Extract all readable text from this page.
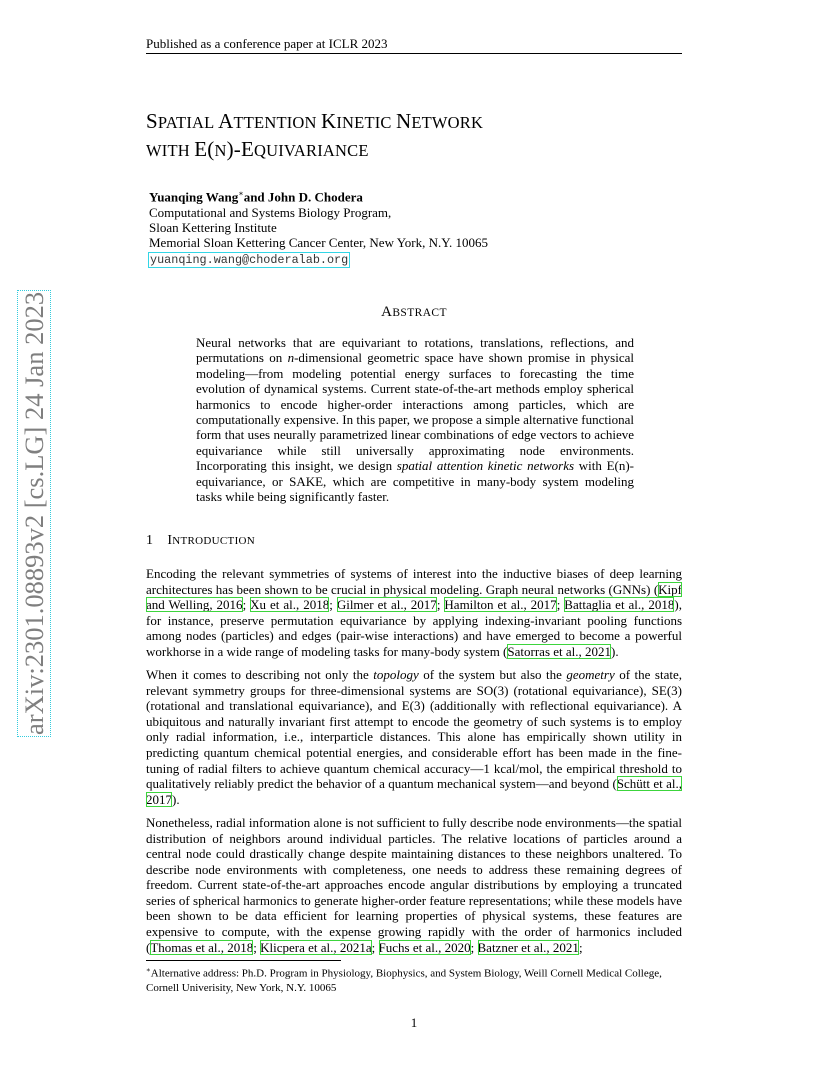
Published as a conference paper at ICLR 2023
arXiv:2301.08893v2 [cs.LG] 24 Jan 2023
SPATIAL ATTENTION KINETIC NETWORK
WITH E(N)-EQUIVARIANCE
Yuanqing Wang∗and John D. Chodera
Computational and Systems Biology Program,
Sloan Kettering Institute
Memorial Sloan Kettering Cancer Center, New York, N.Y. 10065
yuanqing.wang@choderalab.org
ABSTRACT
Neural networks that are equivariant to rotations, translations, reflections, and permutations on n-dimensional geometric space have shown promise in physical modeling—from modeling potential energy surfaces to forecasting the time evolution of dynamical systems. Current state-of-the-art methods employ spherical harmonics to encode higher-order interactions among particles, which are computationally expensive. In this paper, we propose a simple alternative functional form that uses neurally parametrized linear combinations of edge vectors to achieve equivariance while still universally approximating node environments. Incorporating this insight, we design spatial attention kinetic networks with E(n)-equivariance, or SAKE, which are competitive in many-body system modeling tasks while being significantly faster.
1 INTRODUCTION

Encoding the relevant symmetries of systems of interest into the inductive biases of deep learning architectures has been shown to be crucial in physical modeling. Graph neural networks (GNNs) (Kipf and Welling, 2016; Xu et al., 2018; Gilmer et al., 2017; Hamilton et al., 2017; Battaglia et al., 2018), for instance, preserve permutation equivariance by applying indexing-invariant pooling functions among nodes (particles) and edges (pair-wise interactions) and have emerged to become a powerful workhorse in a wide range of modeling tasks for many-body system (Satorras et al., 2021).

When it comes to describing not only the topology of the system but also the geometry of the state, relevant symmetry groups for three-dimensional systems are SO(3) (rotational equivariance), SE(3) (rotational and translational equivariance), and E(3) (additionally with reflectional equivariance). A ubiquitous and naturally invariant first attempt to encode the geometry of such systems is to employ only radial information, i.e., interparticle distances. This alone has empirically shown utility in predicting quantum chemical potential energies, and considerable effort has been made in the fine-tuning of radial filters to achieve quantum chemical accuracy—1 kcal/mol, the empirical threshold to qualitatively reliably predict the behavior of a quantum mechanical system—and beyond (Schütt et al., 2017).

Nonetheless, radial information alone is not sufficient to fully describe node environments—the spatial distribution of neighbors around individual particles. The relative locations of particles around a central node could drastically change despite maintaining distances to these neighbors unaltered. To describe node environments with completeness, one needs to address these remaining degrees of freedom. Current state-of-the-art approaches encode angular distributions by employing a truncated series of spherical harmonics to generate higher-order feature representations; while these models have been shown to be data efficient for learning properties of physical systems, these features are expensive to compute, with the expense growing rapidly with the order of harmonics included (Thomas et al., 2018; Klicpera et al., 2021a; Fuchs et al., 2020; Batzner et al., 2021;

∗Alternative address: Ph.D. Program in Physiology, Biophysics, and System Biology, Weill Cornell Medical College, Cornell Univerisity, New York, N.Y. 10065
1
